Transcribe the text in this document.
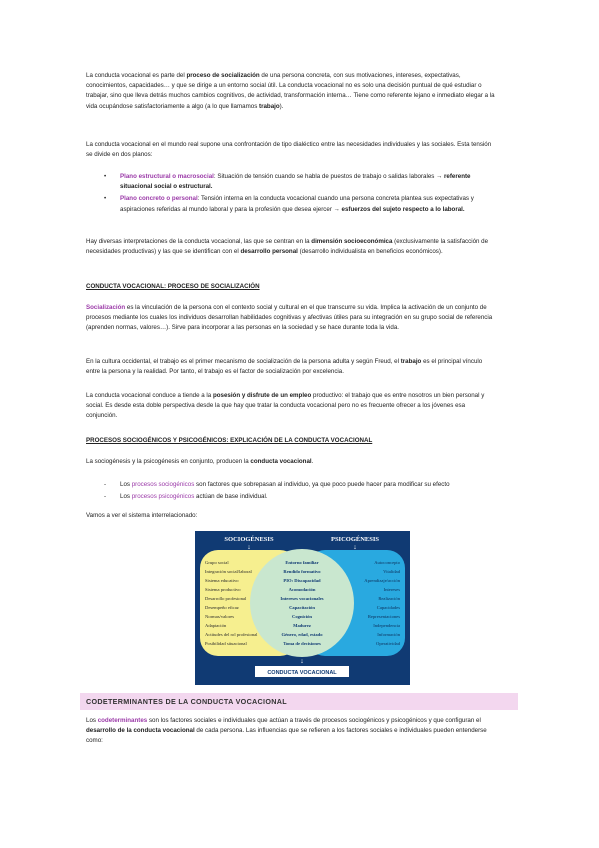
La conducta vocacional es parte del proceso de socialización de una persona concreta, con sus motivaciones, intereses, expectativas, conocimientos, capacidades… y que se dirige a un entorno social útil. La conducta vocacional no es solo una decisión puntual de qué estudiar o trabajar, sino que lleva detrás muchos cambios cognitivos, de actividad, transformación interna… Tiene como referente lejano e inmediato elegar a la vida ocupándose satisfactoriamente a algo (a lo que llamamos trabajo).
La conducta vocacional en el mundo real supone una confrontación de tipo dialéctico entre las necesidades individuales y las sociales. Esta tensión se divide en dos planos:
• Plano estructural o macrosocial: Situación de tensión cuando se habla de puestos de trabajo o salidas laborales → referente situacional social o estructural.
• Plano concreto o personal: Tensión interna en la conducta vocacional cuando una persona concreta plantea sus expectativas y aspiraciones referidas al mundo laboral y para la profesión que desea ejercer → esfuerzos del sujeto respecto a lo laboral.
Hay diversas interpretaciones de la conducta vocacional, las que se centran en la dimensión socioeconómica (exclusivamente la satisfacción de necesidades productivas) y las que se identifican con el desarrollo personal (desarrollo individualista en beneficios económicos).
CONDUCTA VOCACIONAL: PROCESO DE SOCIALIZACIÓN
Socialización es la vinculación de la persona con el contexto social y cultural en el que transcurre su vida. Implica la activación de un conjunto de procesos mediante los cuales los individuos desarrollan habilidades cognitivas y afectivas útiles para su integración en su grupo social de referencia (aprenden normas, valores…). Sirve para incorporar a las personas en la sociedad y se hace durante toda la vida.
En la cultura occidental, el trabajo es el primer mecanismo de socialización de la persona adulta y según Freud, el trabajo es el principal vínculo entre la persona y la realidad. Por tanto, el trabajo es el factor de socialización por excelencia.
La conducta vocacional conduce a tiende a la posesión y disfrute de un empleo productivo: el trabajo que es entre nosotros un bien personal y social. Es desde esta doble perspectiva desde la que hay que tratar la conducta vocacional pero no es frecuente ofrecer a los jóvenes esa conjunción.
PROCESOS SOCIOGÉNICOS Y PSICOGÉNICOS: EXPLICACIÓN DE LA CONDUCTA VOCACIONAL
La sociogénesis y la psicogénesis en conjunto, producen la conducta vocacional.
- Los procesos sociogénicos son factores que sobrepasan al individuo, ya que poco puede hacer para modificar su efecto
- Los procesos psicogénicos actúan de base individual.
Vamos a ver el sistema interrelacionado:
SOCIOGÉNESIS	PSICOGÉNESIS
↓	↓
Grupo social
Integración social/laboral
Sistema educativo
Sistema productivo
Desarrollo profesional
Desempeño eficaz
Normas/valores
Adaptación
Actitudes del rol profesional
Posibilidad situacional
Entorno familiar
Rendido formativo
PIO: Discapacidad
Acomodación
Intereses vocacionales
Capacitación
Cognición
Madurez
Género, edad, estado
Toma de decisiones
Autoconcepto
Vitalidad
Aprendizaje/acción
Intereses
Realización
Capacidades
Representaciones
Independencia
Información
Operatividad
↓
CONDUCTA VOCACIONAL
CODETERMINANTES DE LA CONDUCTA VOCACIONAL
Los codeterminantes son los factores sociales e individuales que actúan a través de procesos sociogénicos y psicogénicos y que configuran el desarrollo de la conducta vocacional de cada persona. Las influencias que se refieren a los factores sociales e individuales pueden entenderse como:
